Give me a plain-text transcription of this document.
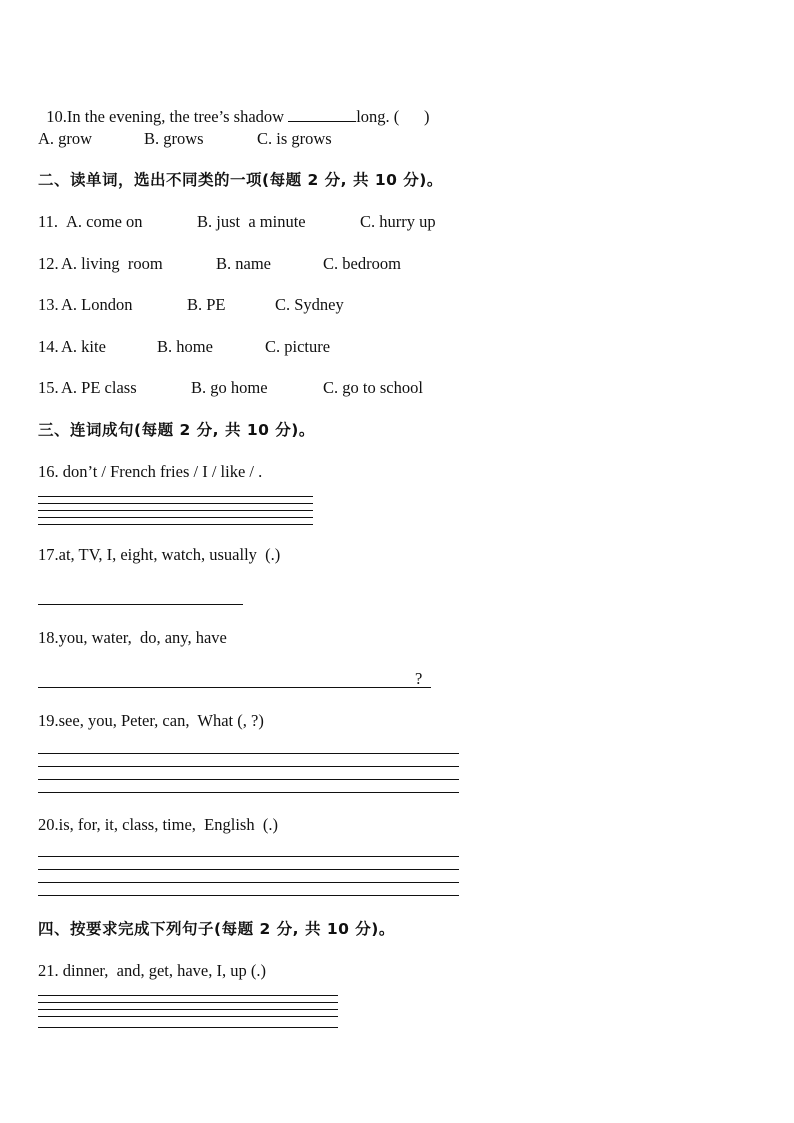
10.In the evening, the tree’s shadow	long. (      )

A. grow	B. grows	C. is grows
二、读单词，选出不同类的一项(每题 2 分, 共 10 分)。
11. A. come on	B. just  a minute	C. hurry up
12. A. living  room	B. name	C. bedroom
13. A. London	B. PE	C. Sydney
14. A. kite	B. home	C. picture
15. A. PE class	B. go home	C. go to school
三、连词成句(每题 2 分, 共 10 分)。
16. don’t / French fries / I / like / .
17.at, TV, I, eight, watch, usually  (.)
18.you, water,  do, any, have
?
19.see, you, Peter, can,  What (, ?)
20.is, for, it, class, time,  English  (.)
四、按要求完成下列句子(每题 2 分, 共 10 分)。
21. dinner,  and, get, have, I, up (.)
